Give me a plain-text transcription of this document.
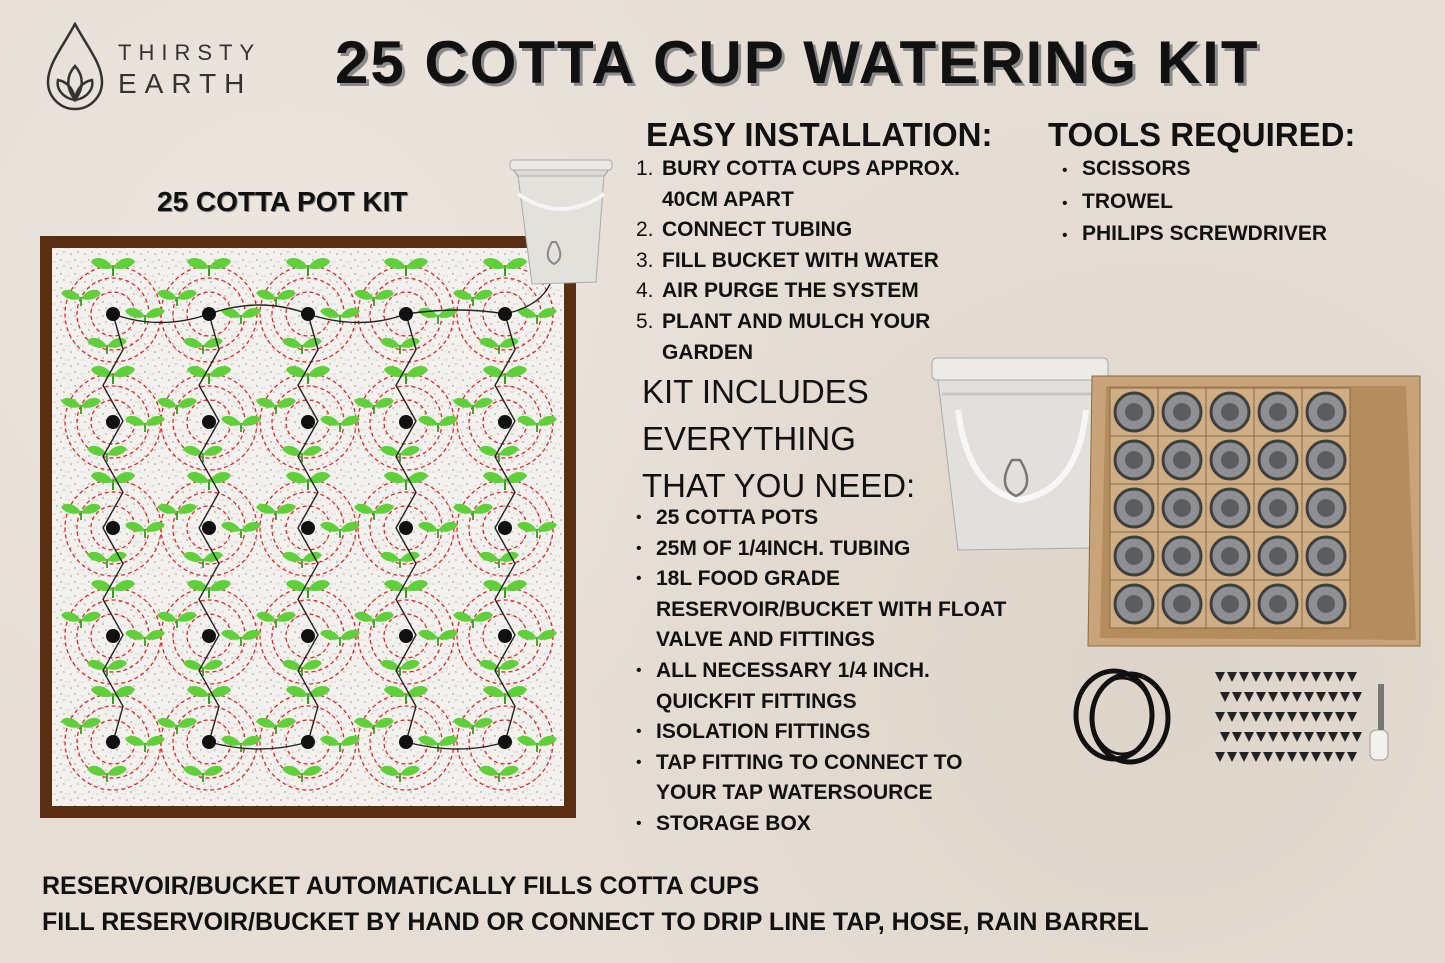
THIRSTY
EARTH 25 COTTA CUP WATERING KIT
25 COTTA POT KIT
EASY INSTALLATION: TOOLS REQUIRED:
1. BURY COTTA CUPS APPROX. 40CM APART
2. CONNECT TUBING
3. FILL BUCKET WITH WATER
4. AIR PURGE THE SYSTEM
5. PLANT AND MULCH YOUR GARDEN
• SCISSORS
• TROWEL
• PHILIPS SCREWDRIVER
KIT INCLUDES
EVERYTHING
THAT YOU NEED:
• 25 COTTA POTS
• 25M OF 1/4INCH. TUBING
• 18L FOOD GRADE RESERVOIR/BUCKET WITH FLOAT VALVE AND FITTINGS
• ALL NECESSARY 1/4 INCH. QUICKFIT FITTINGS
• ISOLATION FITTINGS
• TAP FITTING TO CONNECT TO YOUR TAP WATERSOURCE
• STORAGE BOX
RESERVOIR/BUCKET AUTOMATICALLY FILLS COTTA CUPS
FILL RESERVOIR/BUCKET BY HAND OR CONNECT TO DRIP LINE TAP, HOSE, RAIN BARREL
